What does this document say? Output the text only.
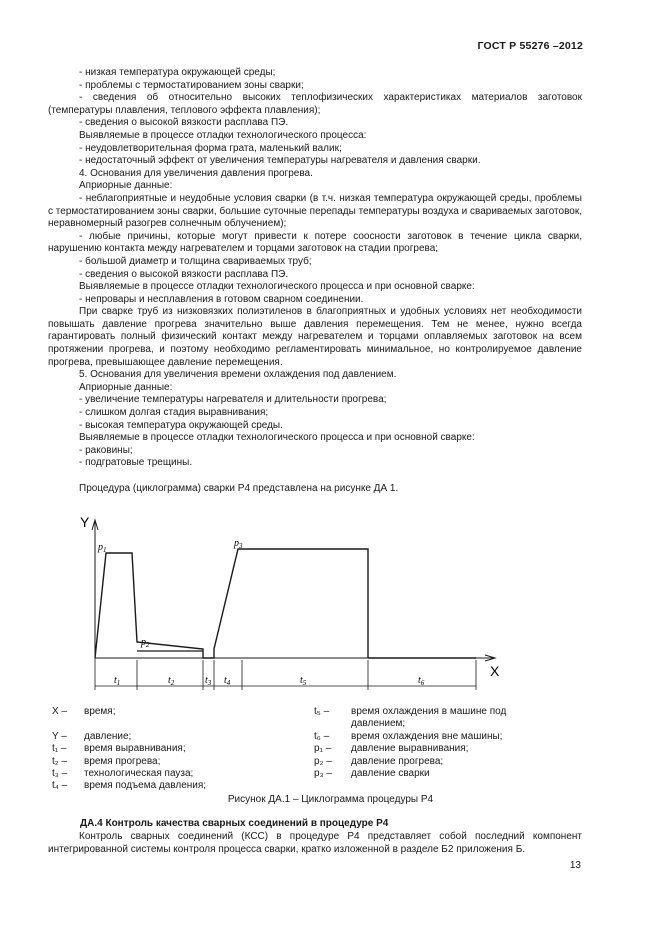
ГОСТ Р 55276 –2012

- низкая температура окружающей среды;

- проблемы с термостатированием зоны сварки;

- сведения об относительно высоких теплофизических характеристиках материалов заготовок (температуры плавления, теплового эффекта плавления);

- сведения о высокой вязкости расплава ПЭ.

Выявляемые в процессе отладки технологического процесса:

- неудовлетворительная форма грата, маленький валик;

- недостаточный эффект от увеличения температуры нагревателя и давления сварки.

4. Основания для увеличения давления прогрева.

Априорные данные:

- неблагоприятные и неудобные условия сварки (в т.ч. низкая температура окружающей среды, проблемы с термостатированием зоны сварки, большие суточные перепады температуры воздуха и свариваемых заготовок, неравномерный разогрев солнечным облучением);

- любые причины, которые могут привести к потере соосности заготовок в течение цикла сварки, нарушению контакта между нагревателем и торцами заготовок на стадии прогрева;

- большой диаметр и толщина свариваемых труб;

- сведения о высокой вязкости расплава ПЭ.

Выявляемые в процессе отладки технологического процесса и при основной сварке:

- непровары и несплавления в готовом сварном соединении.

При сварке труб из низковязких полиэтиленов в благоприятных и удобных условиях нет необходимости повышать давление прогрева значительно выше давления перемещения. Тем не менее, нужно всегда гарантировать полный физический контакт между нагревателем и торцами оплавляемых заготовок на всем протяжении прогрева, и поэтому необходимо регламентировать минимальное, но контролируемое давление прогрева, превышающее давление перемещения.

5. Основания для увеличения времени охлаждения под давлением.

Априорные данные:

- увеличение температуры нагревателя и длительности прогрева;

- слишком долгая стадия выравнивания;

- высокая температура окружающей среды.

Выявляемые в процессе отладки технологического процесса и при основной сварке:

- раковины;

- подгратовые трещины.

Процедура (циклограмма) сварки Р4 представлена на рисунке ДА 1.

Y
X
$p_1$
$p_2$
$p_3$
$t_1$	$t_2$	$t_3$ $t_4$	$t_5$	$t_6$
X –	время;
Y –	давление;
t₁ –	время выравнивания;
t₂ –	время прогрева;
t₃ –	технологическая пауза;
t₄ –	время подъема давления;
t₅ –	время охлаждения в машине под давлением;
t₆ –	время охлаждения вне машины;
p₁ –	давление выравнивания;
p₂ –	давление прогрева;
p₃ –	давление сварки
Рисунок ДА.1 – Циклограмма процедуры Р4
ДА.4 Контроль качества сварных соединений в процедуре Р4

Контроль сварных соединений (КСС) в процедуре Р4 представляет собой последний компонент интегрированной системы контроля процесса сварки, кратко изложенной в разделе Б2 приложения Б.

13
